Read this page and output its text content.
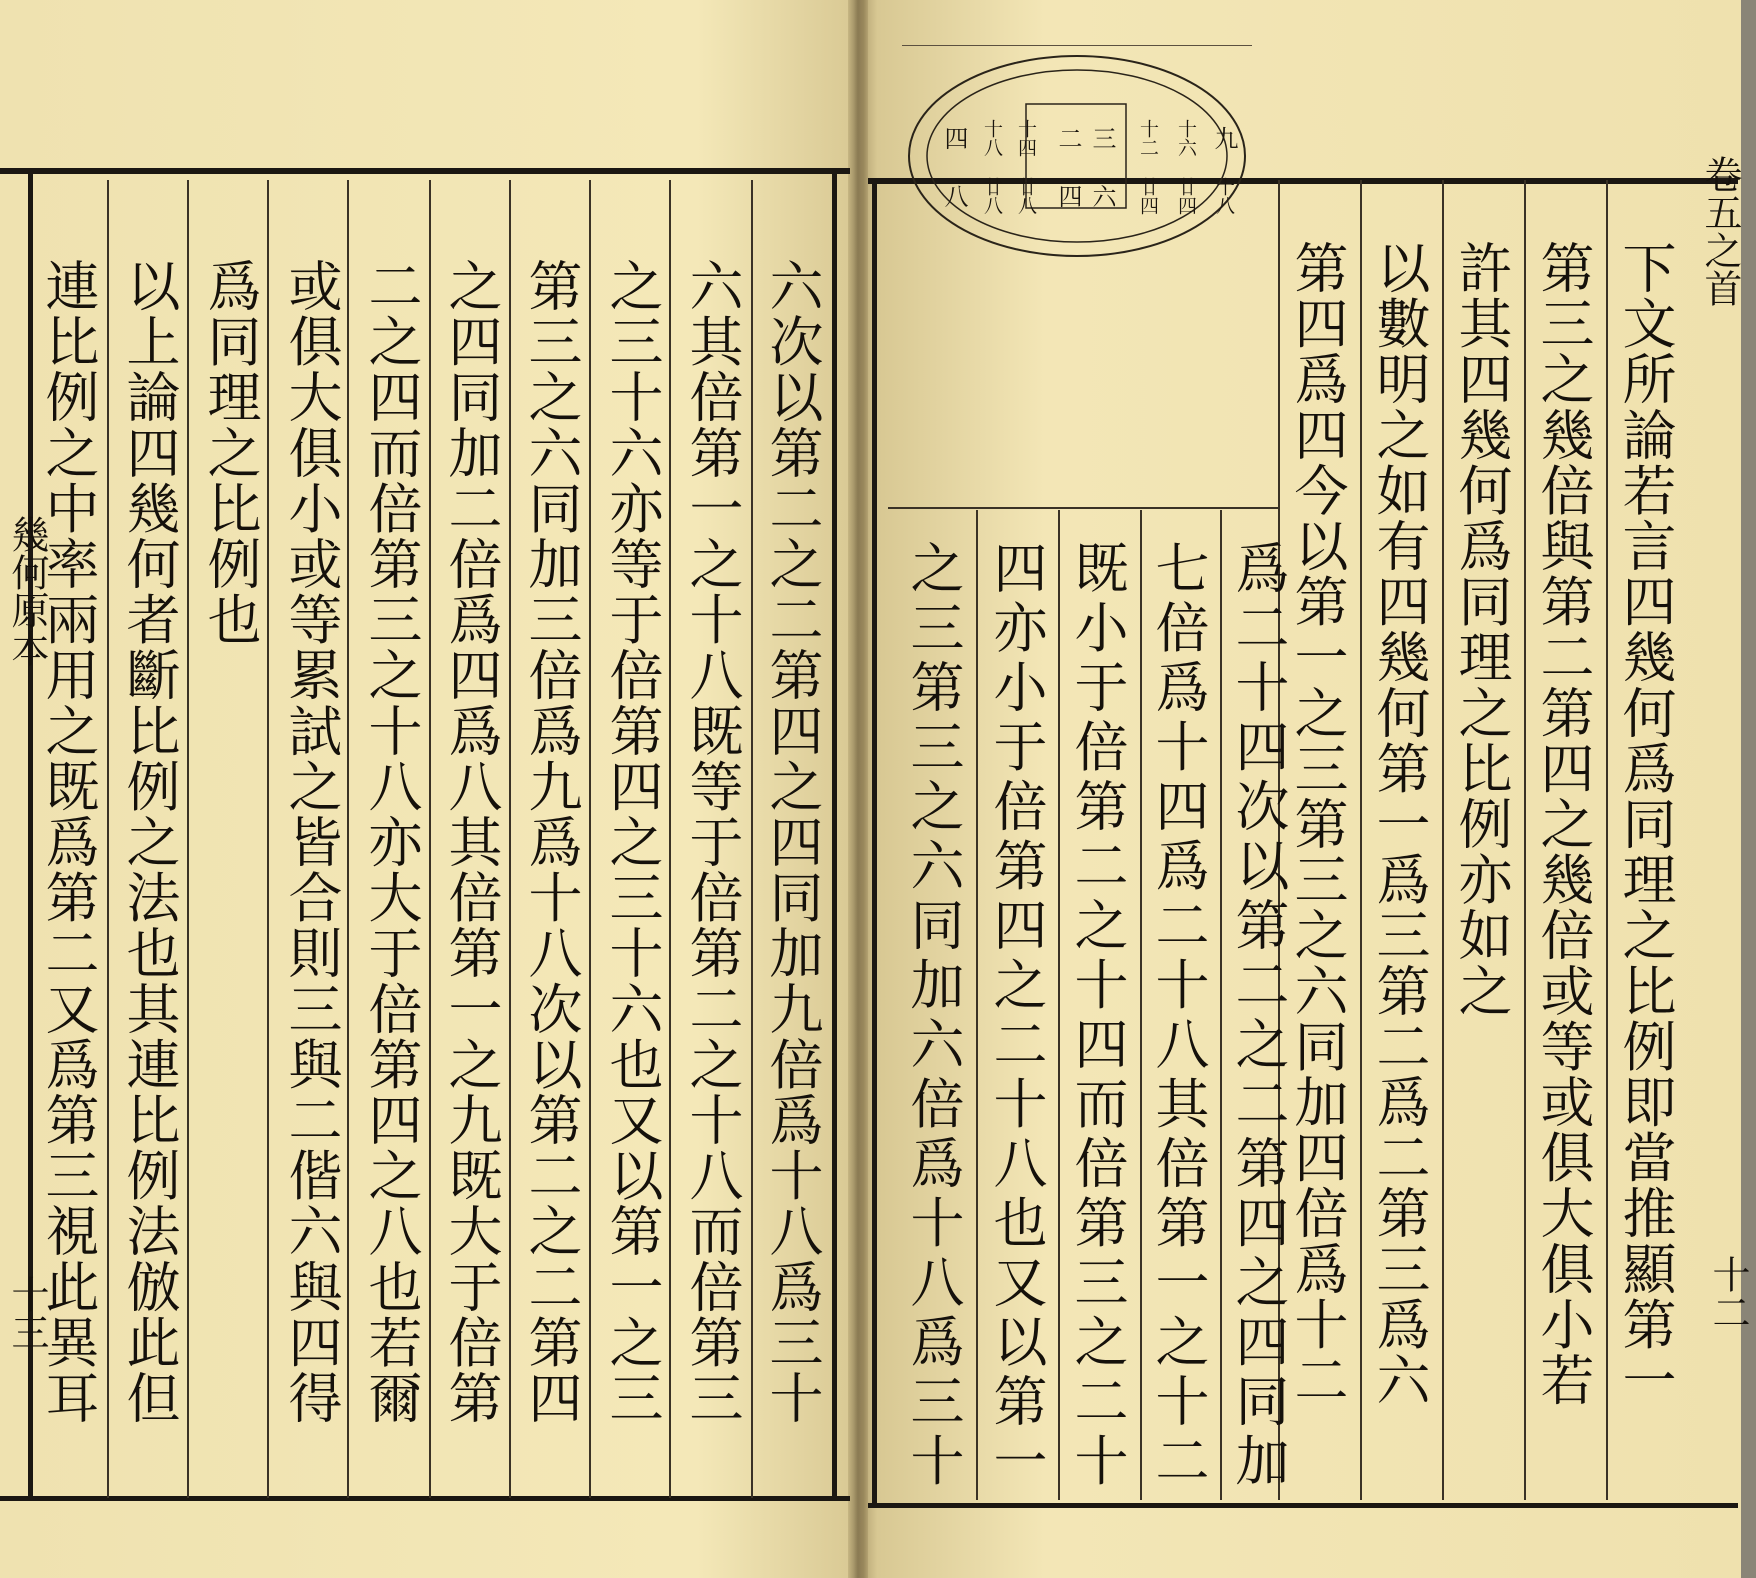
幾何原本
十三	六次以第二之二第四之四同加九倍爲十八爲三十
六其倍第一之十八既等于倍第二之十八而倍第三
之三十六亦等于倍第四之三十六也又以第一之三
第三之六同加三倍爲九爲十八次以第二之二第四
之四同加二倍爲四爲八其倍第一之九既大于倍第
二之四而倍第三之十八亦大于倍第四之八也若爾
或俱大俱小或等累試之皆合則三與二偕六與四得
爲同理之比例也
以上論四幾何者斷比例之法也其連比例法倣此但
連比例之中率兩用之既爲第二又爲第三視此異耳
卷五之首
十二
九
十八
十六
廿四
十二
廿四
三
六
二
四
十四
廿八
十八
廿八
四
八
下文所論若言四幾何爲同理之比例即當推顯第一
第三之幾倍與第二第四之幾倍或等或俱大俱小若
許其四幾何爲同理之比例亦如之
以數明之如有四幾何第一爲三第二爲二第三爲六
第四爲四今以第一之三第三之六同加四倍爲十二
爲二十四次以第二之二第四之四同加
七倍爲十四爲二十八其倍第一之十二
既小于倍第二之十四而倍第三之二十
四亦小于倍第四之二十八也又以第一
之三第三之六同加六倍爲十八爲三十
